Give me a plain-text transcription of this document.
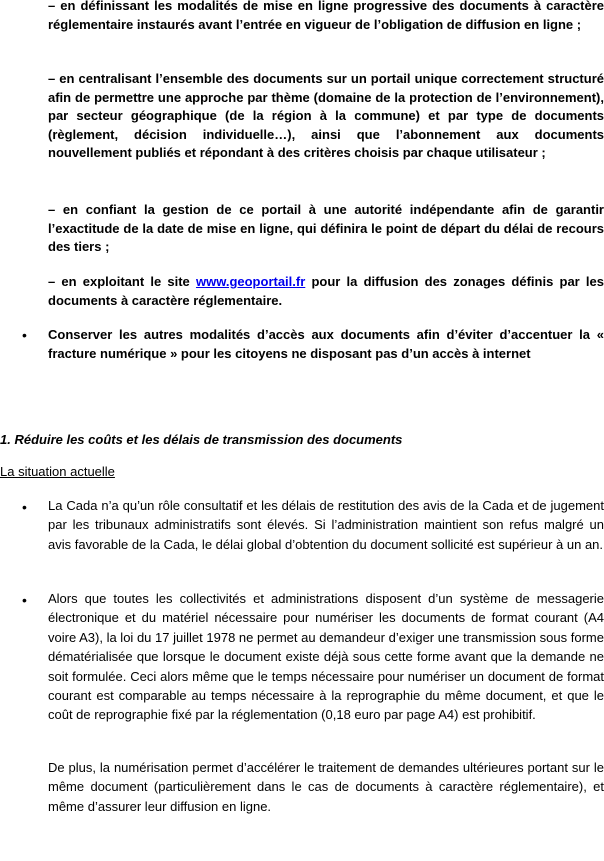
– en définissant les modalités de mise en ligne progressive des documents à caractère réglementaire instaurés avant l’entrée en vigueur de l’obligation de diffusion en ligne ;

– en centralisant l’ensemble des documents sur un portail unique correctement structuré afin de permettre une approche par thème (domaine de la protection de l’environnement), par secteur géographique (de la région à la commune) et par type de documents (règlement, décision individuelle…), ainsi que l’abonnement aux documents nouvellement publiés et répondant à des critères choisis par chaque utilisateur ;

– en confiant la gestion de ce portail à une autorité indépendante afin de garantir l’exactitude de la date de mise en ligne, qui définira le point de départ du délai de recours des tiers ;

– en exploitant le site www.geoportail.fr pour la diffusion des zonages définis par les documents à caractère réglementaire.

• Conserver les autres modalités d’accès aux documents afin d’éviter d’accentuer la « fracture numérique » pour les citoyens ne disposant pas d’un accès à internet

1. Réduire les coûts et les délais de transmission des documents

La situation actuelle

• La Cada n’a qu’un rôle consultatif et les délais de restitution des avis de la Cada et de jugement par les tribunaux administratifs sont élevés. Si l’administration maintient son refus malgré un avis favorable de la Cada, le délai global d’obtention du document sollicité est supérieur à un an.

• Alors que toutes les collectivités et administrations disposent d’un système de messagerie électronique et du matériel nécessaire pour numériser les documents de format courant (A4 voire A3), la loi du 17 juillet 1978 ne permet au demandeur d’exiger une transmission sous forme dématérialisée que lorsque le document existe déjà sous cette forme avant que la demande ne soit formulée. Ceci alors même que le temps nécessaire pour numériser un document de format courant est comparable au temps nécessaire à la reprographie du même document, et que le coût de reprographie fixé par la réglementation (0,18 euro par page A4) est prohibitif.

De plus, la numérisation permet d’accélérer le traitement de demandes ultérieures portant sur le même document (particulièrement dans le cas de documents à caractère réglementaire), et même d’assurer leur diffusion en ligne.
